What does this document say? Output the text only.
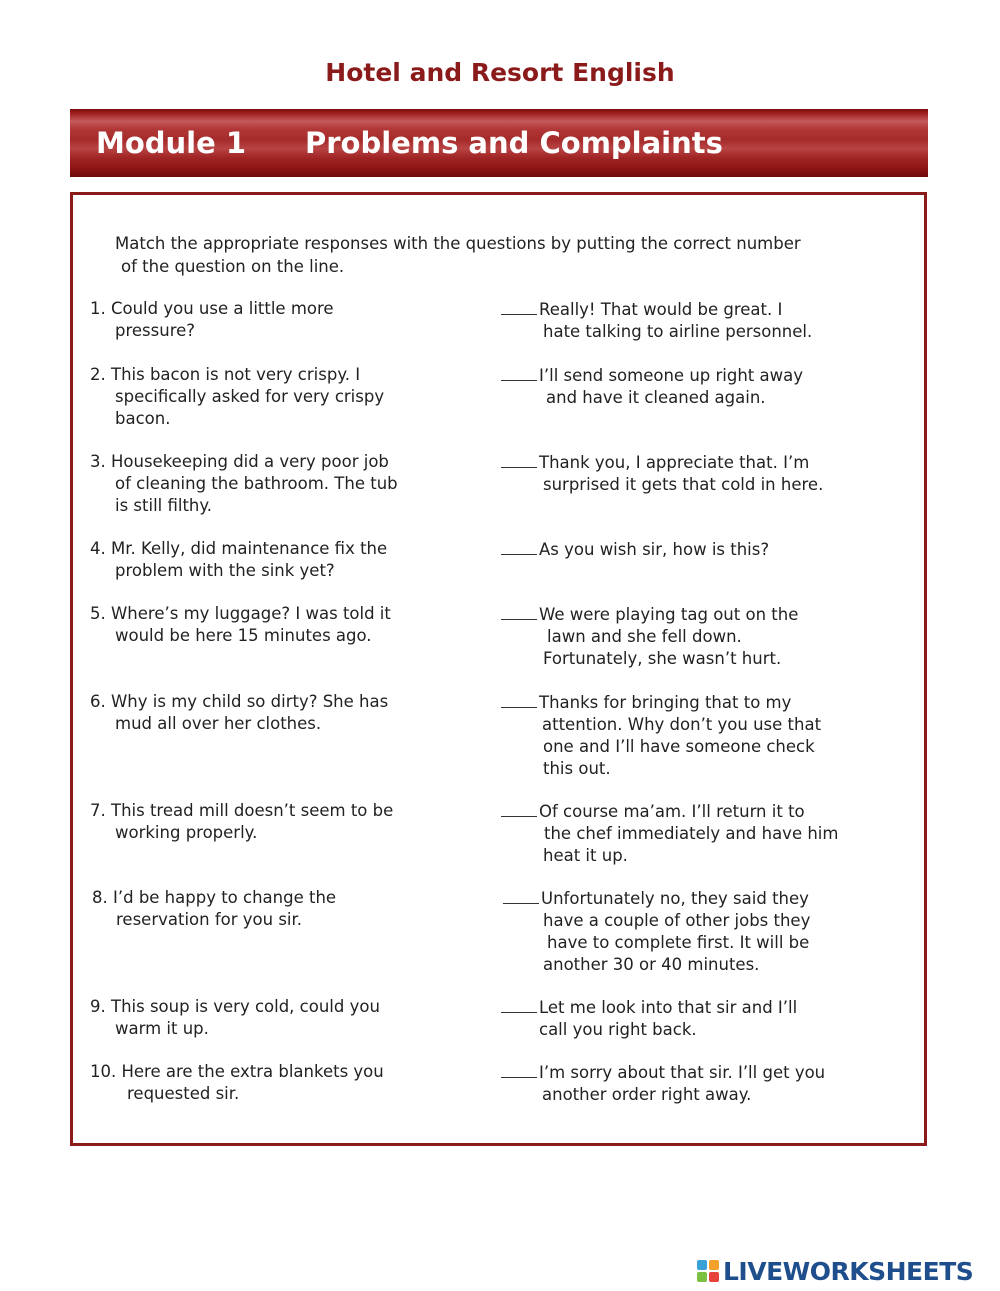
Hotel and Resort English
Module 1 Problems and Complaints
Match the appropriate responses with the questions by putting the correct number
of the question on the line.
1. Could you use a little more
pressure?
2. This bacon is not very crispy. I
specifically asked for very crispy
bacon.
3. Housekeeping did a very poor job
of cleaning the bathroom. The tub
is still filthy.
4. Mr. Kelly, did maintenance fix the
problem with the sink yet?
5. Where’s my luggage? I was told it
would be here 15 minutes ago.
6. Why is my child so dirty? She has
mud all over her clothes.
7. This tread mill doesn’t seem to be
working properly.
8. I’d be happy to change the
reservation for you sir.
9. This soup is very cold, could you
warm it up.
10. Here are the extra blankets you
requested sir.
Really! That would be great. I
hate talking to airline personnel.
I’ll send someone up right away
and have it cleaned again.
Thank you, I appreciate that. I’m
surprised it gets that cold in here.
As you wish sir, how is this?
We were playing tag out on the
lawn and she fell down.
Fortunately, she wasn’t hurt.
Thanks for bringing that to my
attention. Why don’t you use that
one and I’ll have someone check
this out.
Of course ma’am. I’ll return it to
the chef immediately and have him
heat it up.
Unfortunately no, they said they
have a couple of other jobs they
have to complete first. It will be
another 30 or 40 minutes.
Let me look into that sir and I’ll
call you right back.
I’m sorry about that sir. I’ll get you
another order right away.
LIVEWORKSHEETS
